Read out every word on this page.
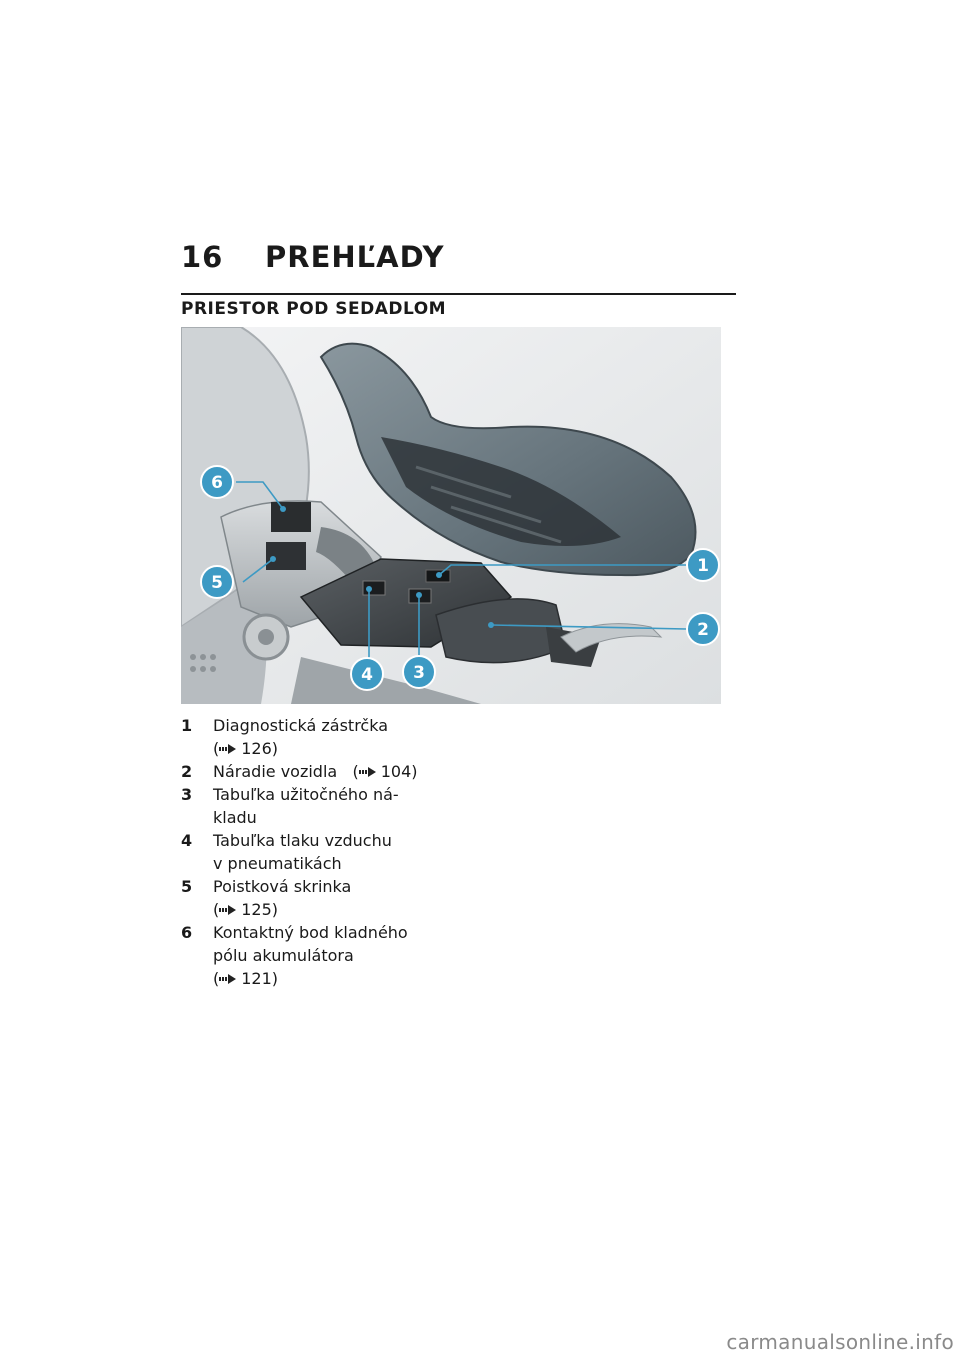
16	PREHĽADY
PRIESTOR POD SEDADLOM
1
2
3
4
5
6
1	Diagnostická zástrčka
( 126)
2	Náradie vozidla   ( 104)
3	Tabuľka užitočného ná-
kladu
4	Tabuľka tlaku vzduchu
v pneumatikách
5	Poistková skrinka
( 125)
6	Kontaktný bod kladného
pólu akumulátora
( 121)
carmanualsonline.info
